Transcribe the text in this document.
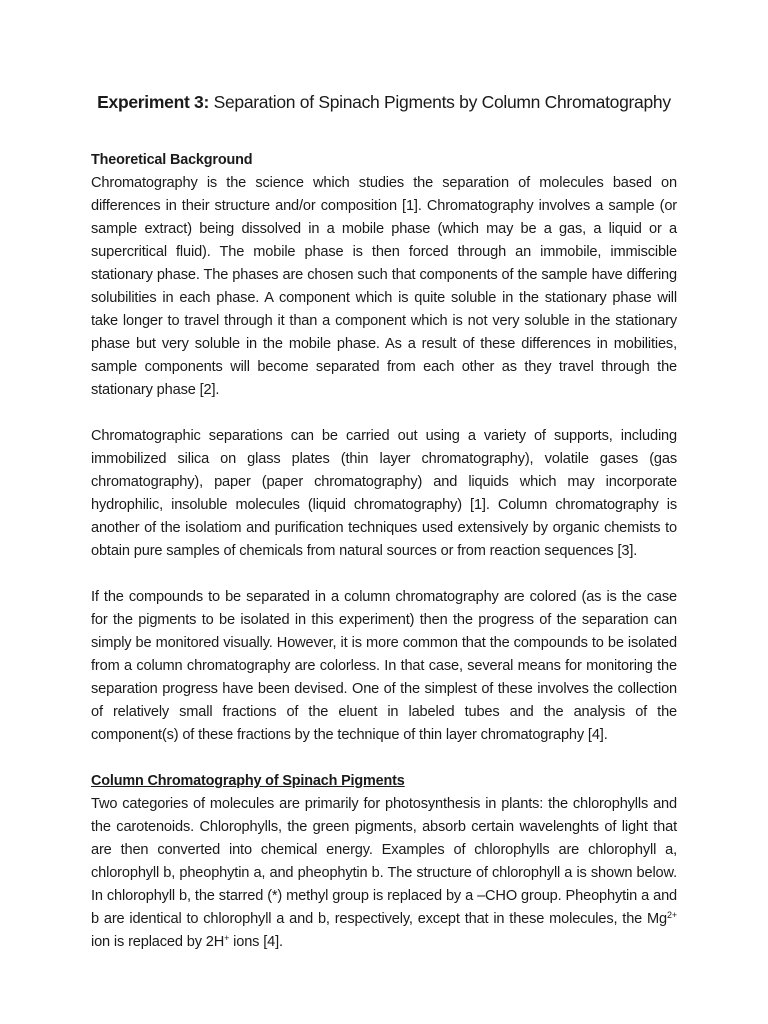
Experiment 3: Separation of Spinach Pigments by Column Chromatography

Theoretical Background

Chromatography is the science which studies the separation of molecules based on differences in their structure and/or composition [1]. Chromatography involves a sample (or sample extract) being dissolved in a mobile phase (which may be a gas, a liquid or a supercritical fluid). The mobile phase is then forced through an immobile, immiscible stationary phase. The phases are chosen such that components of the sample have differing solubilities in each phase. A component which is quite soluble in the stationary phase will take longer to travel through it than a component which is not very soluble in the stationary phase but very soluble in the mobile phase. As a result of these differences in mobilities, sample components will become separated from each other as they travel through the stationary phase [2].

Chromatographic separations can be carried out using a variety of supports, including immobilized silica on glass plates (thin layer chromatography), volatile gases (gas chromatography), paper (paper chromatography) and liquids which may incorporate hydrophilic, insoluble molecules (liquid chromatography) [1]. Column chromatography is another of the isolatiom and purification techniques used extensively by organic chemists to obtain pure samples of chemicals from natural sources or from reaction sequences [3].

If the compounds to be separated in a column chromatography are colored (as is the case for the pigments to be isolated in this experiment) then the progress of the separation can simply be monitored visually. However, it is more common that the compounds to be isolated from a column chromatography are colorless. In that case, several means for monitoring the separation progress have been devised. One of the simplest of these involves the collection of relatively small fractions of the eluent in labeled tubes and the analysis of the component(s) of these fractions by the technique of thin layer chromatography [4].

Column Chromatography of Spinach Pigments

Two categories of molecules are primarily for photosynthesis in plants: the chlorophylls and the carotenoids. Chlorophylls, the green pigments, absorb certain wavelenghts of light that are then converted into chemical energy. Examples of chlorophylls are chlorophyll a, chlorophyll b, pheophytin a, and pheophytin b. The structure of chlorophyll a is shown below. In chlorophyll b, the starred (*) methyl group is replaced by a –CHO group. Pheophytin a and b are identical to chlorophyll a and b, respectively, except that in these molecules, the $Mg^{2+}$ ion is replaced by 2H+ ions [4].
